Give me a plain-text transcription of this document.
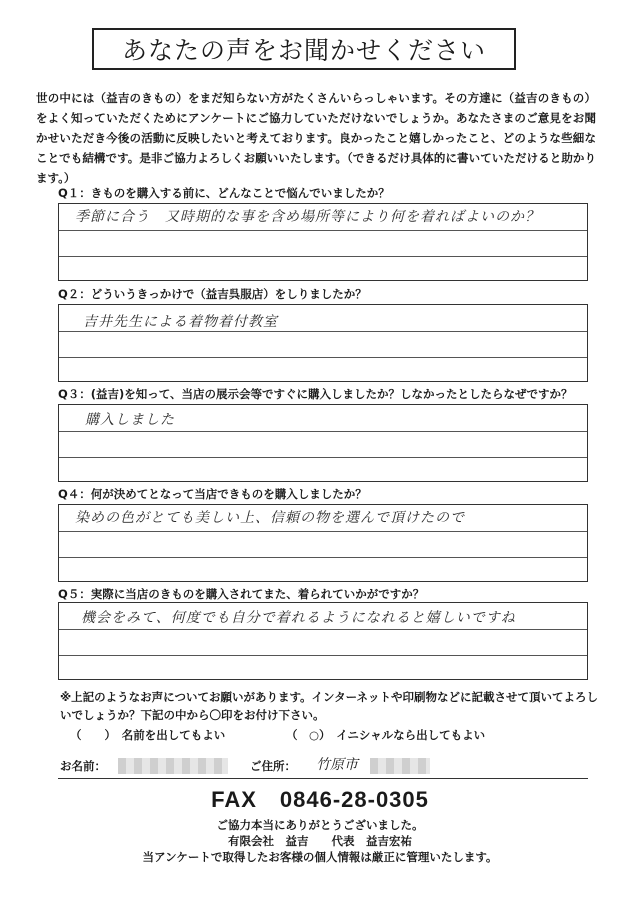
あなたの声をお聞かせください
世の中には（益吉のきもの）をまだ知らない方がたくさんいらっしゃいます。その方達に（益吉のきもの）をよく知っていただくためにアンケートにご協力していただけないでしょうか。あなたさまのご意見をお聞かせいただき今後の活動に反映したいと考えております。良かったこと嬉しかったこと、どのような些細なことでも結構です。是非ご協力よろしくお願いいたします。（できるだけ具体的に書いていただけると助かります。）
Q１：きものを購入する前に、どんなことで悩んでいましたか？
季節に合う　又時期的な事を含め場所等により何を着ればよいのか？
Q２：どういうきっかけで（益吉呉服店）をしりましたか？
吉井先生による着物着付教室
Q３：(益吉)を知って、当店の展示会等ですぐに購入しましたか？しなかったとしたらなぜですか？
購入しました
Q４：何が決めてとなって当店できものを購入しましたか？
染めの色がとても美しい上、信頼の物を選んで頂けたので
Q５：実際に当店のきものを購入されてまた、着られていかがですか？
機会をみて、何度でも自分で着れるようになれると嬉しいですね
※上記のようなお声についてお願いがあります。インターネットや印刷物などに記載させて頂いてよろしいでしょうか？下記の中から〇印をお付け下さい。
（　　）　名前を出してもよい	（　○）　イニシャルなら出してもよい
お名前：	ご住所： 竹原市
FAX　0846-28-0305
ご協力本当にありがとうございました。
有限会社　益吉　　代表　益吉宏祐
当アンケートで取得したお客様の個人情報は厳正に管理いたします。
